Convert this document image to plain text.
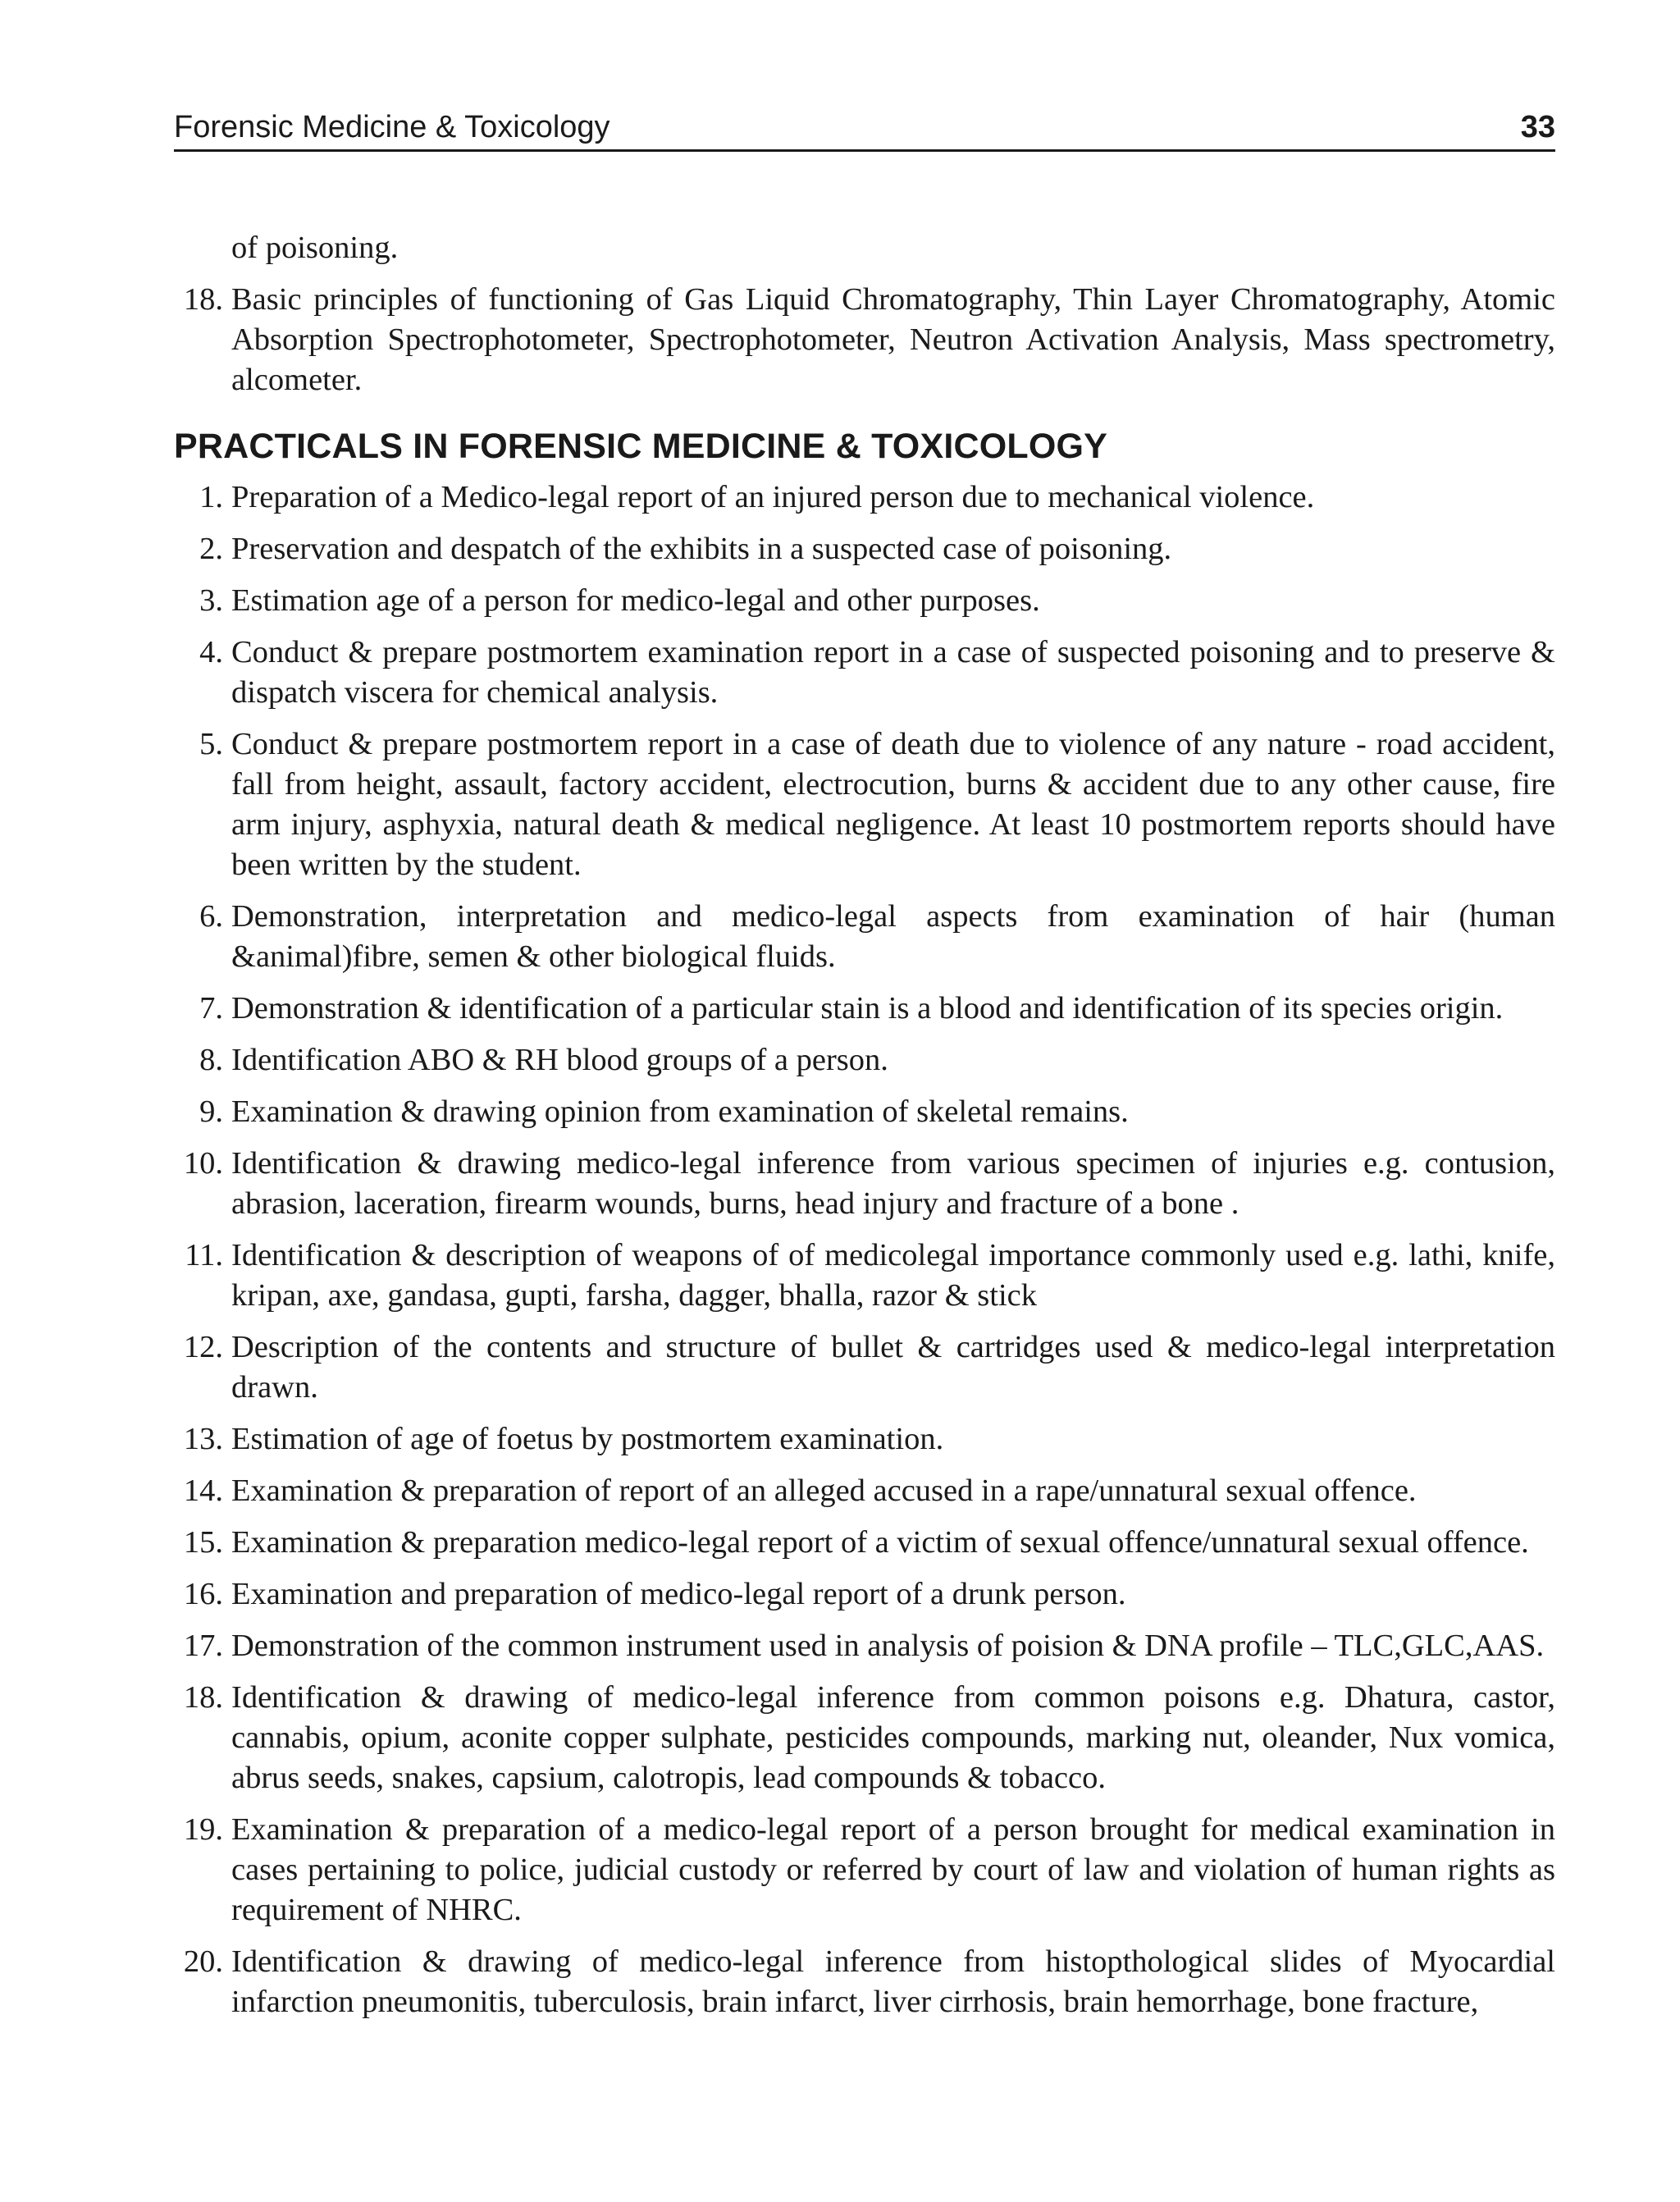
Forensic Medicine & Toxicology	33
of poisoning.
18. Basic principles of functioning of Gas Liquid Chromatography, Thin Layer Chromatography, Atomic Absorption Spectrophotometer, Spectrophotometer, Neutron Activation Analysis, Mass spectrometry, alcometer.
PRACTICALS IN FORENSIC MEDICINE & TOXICOLOGY
1. Preparation of a Medico-legal report of an injured person due to mechanical violence.
2. Preservation and despatch of the exhibits in a suspected case of poisoning.
3. Estimation age of a person for medico-legal and other purposes.
4. Conduct & prepare postmortem examination report in a case of suspected poisoning and to preserve & dispatch viscera for chemical analysis.
5. Conduct & prepare postmortem report in a case of death due to violence of any nature - road accident, fall from height, assault, factory accident, electrocution, burns & accident due to any other cause, fire arm injury, asphyxia, natural death & medical negligence. At least 10 postmortem reports should have been written by the student.
6. Demonstration, interpretation and medico-legal aspects from examination of hair (human &animal)fibre, semen & other biological fluids.
7. Demonstration & identification of a particular stain is a blood and identification of its species origin.
8. Identification ABO & RH blood groups of a person.
9. Examination & drawing opinion from examination of skeletal remains.
10. Identification & drawing medico-legal inference from various specimen of injuries e.g. contusion, abrasion, laceration, firearm wounds, burns, head injury and fracture of a bone .
11. Identification & description of weapons of of medicolegal importance commonly used e.g. lathi, knife, kripan, axe, gandasa, gupti, farsha, dagger, bhalla, razor & stick
12. Description of the contents and structure of bullet & cartridges used & medico-legal interpretation drawn.
13. Estimation of age of foetus by postmortem examination.
14. Examination & preparation of report of an alleged accused in a rape/unnatural sexual offence.
15. Examination & preparation medico-legal report of a victim of sexual offence/unnatural sexual offence.
16. Examination and preparation of medico-legal report of a drunk person.
17. Demonstration of the common instrument used in analysis of poision & DNA profile – TLC,GLC,AAS.
18. Identification & drawing of medico-legal inference from common poisons e.g. Dhatura, castor, cannabis, opium, aconite copper sulphate, pesticides compounds, marking nut, oleander, Nux vomica, abrus seeds, snakes, capsium, calotropis, lead compounds & tobacco.
19. Examination & preparation of a medico-legal report of a person brought for medical examination in cases pertaining to police, judicial custody or referred by court of law and violation of human rights as requirement of NHRC.
20. Identification & drawing of medico-legal inference from histopthological slides of Myocardial infarction pneumonitis, tuberculosis, brain infarct, liver cirrhosis, brain hemorrhage, bone fracture,
